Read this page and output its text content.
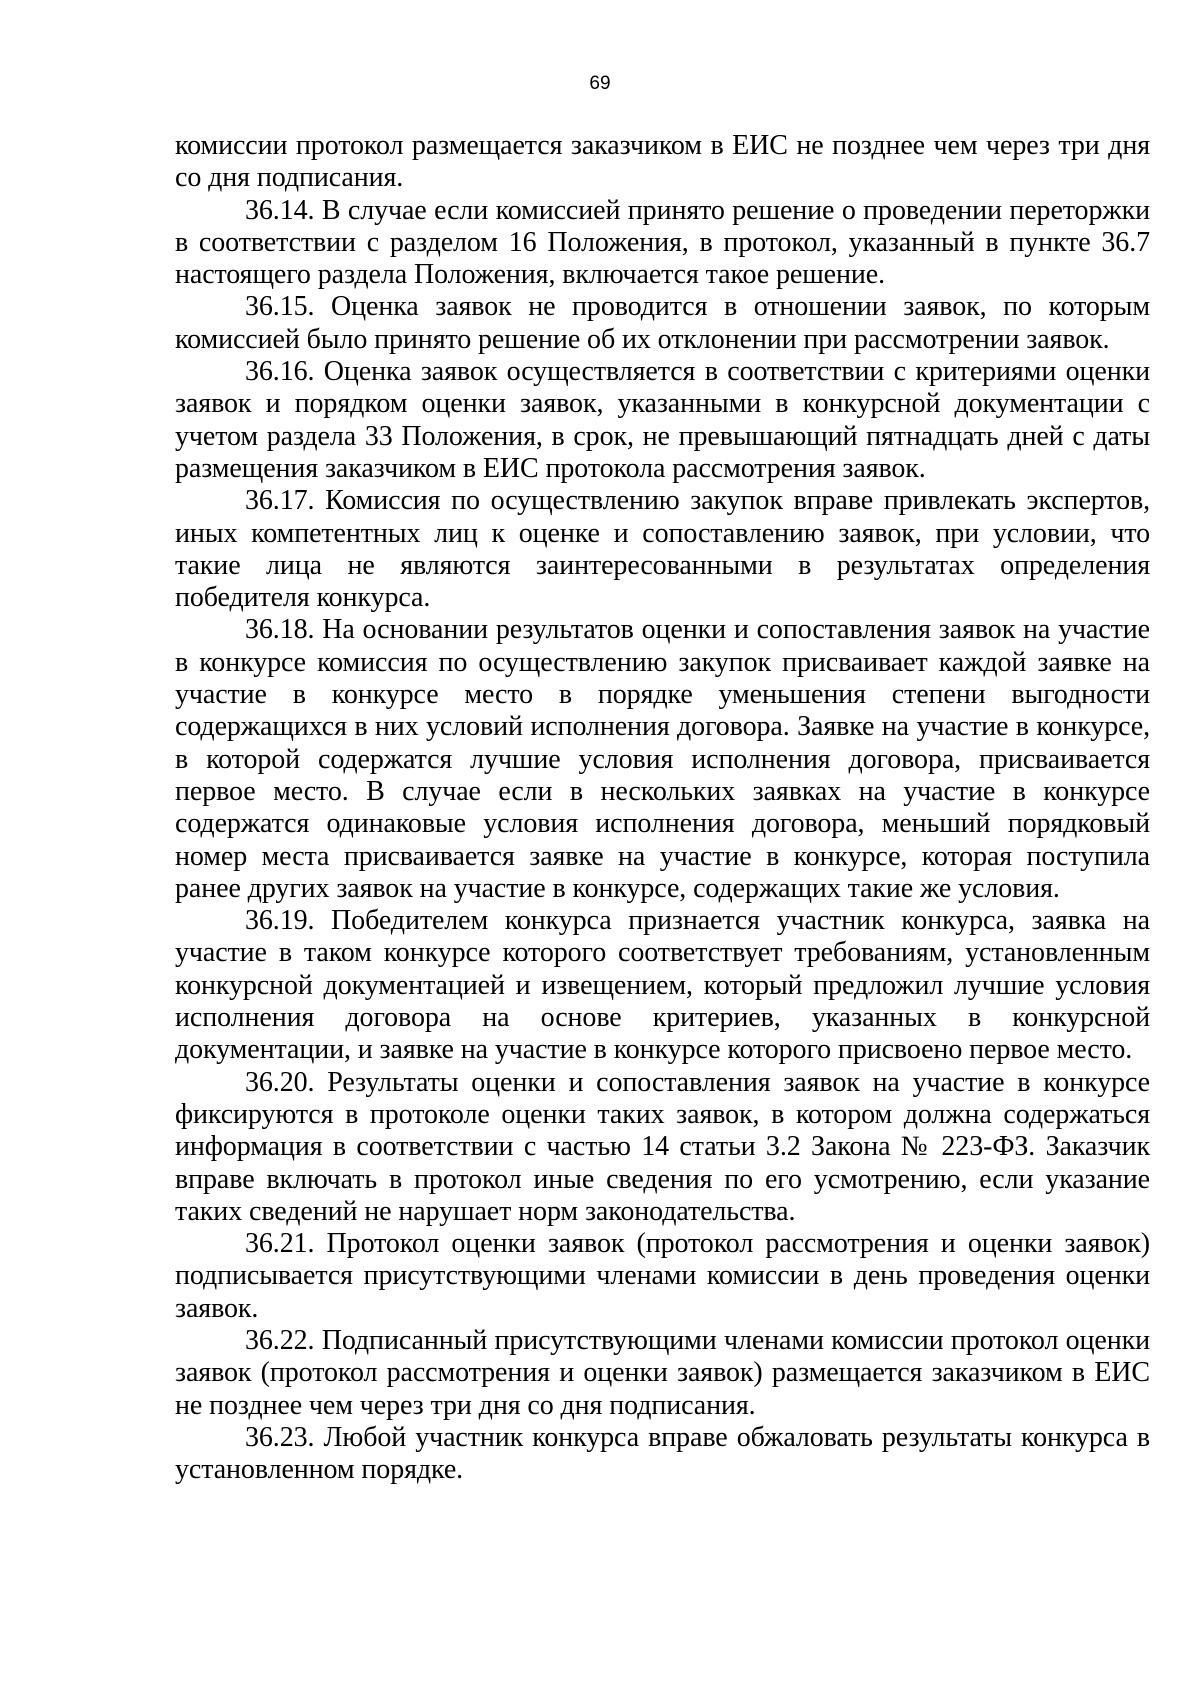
69

комиссии протокол размещается заказчиком в ЕИС не позднее чем через три дня со дня подписания.

36.14. В случае если комиссией принято решение о проведении переторжки в соответствии с разделом 16 Положения, в протокол, указанный в пункте 36.7 настоящего раздела Положения, включается такое решение.

36.15. Оценка заявок не проводится в отношении заявок, по которым комиссией было принято решение об их отклонении при рассмотрении заявок.

36.16. Оценка заявок осуществляется в соответствии с критериями оценки заявок и порядком оценки заявок, указанными в конкурсной документации с учетом раздела 33 Положения, в срок, не превышающий пятнадцать дней с даты размещения заказчиком в ЕИС протокола рассмотрения заявок.

36.17. Комиссия по осуществлению закупок вправе привлекать экспертов, иных компетентных лиц к оценке и сопоставлению заявок, при условии, что такие лица не являются заинтересованными в результатах определения победителя конкурса.

36.18. На основании результатов оценки и сопоставления заявок на участие в конкурсе комиссия по осуществлению закупок присваивает каждой заявке на участие в конкурсе место в порядке уменьшения степени выгодности содержащихся в них условий исполнения договора. Заявке на участие в конкурсе, в которой содержатся лучшие условия исполнения договора, присваивается первое место. В случае если в нескольких заявках на участие в конкурсе содержатся одинаковые условия исполнения договора, меньший порядковый номер места присваивается заявке на участие в конкурсе, которая поступила ранее других заявок на участие в конкурсе, содержащих такие же условия.

36.19. Победителем конкурса признается участник конкурса, заявка на участие в таком конкурсе которого соответствует требованиям, установленным конкурсной документацией и извещением, который предложил лучшие условия исполнения договора на основе критериев, указанных в конкурсной документации, и заявке на участие в конкурсе которого присвоено первое место.

36.20. Результаты оценки и сопоставления заявок на участие в конкурсе фиксируются в протоколе оценки таких заявок, в котором должна содержаться информация в соответствии с частью 14 статьи 3.2 Закона № 223-ФЗ. Заказчик вправе включать в протокол иные сведения по его усмотрению, если указание таких сведений не нарушает норм законодательства.

36.21. Протокол оценки заявок (протокол рассмотрения и оценки заявок) подписывается присутствующими членами комиссии в день проведения оценки заявок.

36.22. Подписанный присутствующими членами комиссии протокол оценки заявок (протокол рассмотрения и оценки заявок) размещается заказчиком в ЕИС не позднее чем через три дня со дня подписания.

36.23. Любой участник конкурса вправе обжаловать результаты конкурса в установленном порядке.
